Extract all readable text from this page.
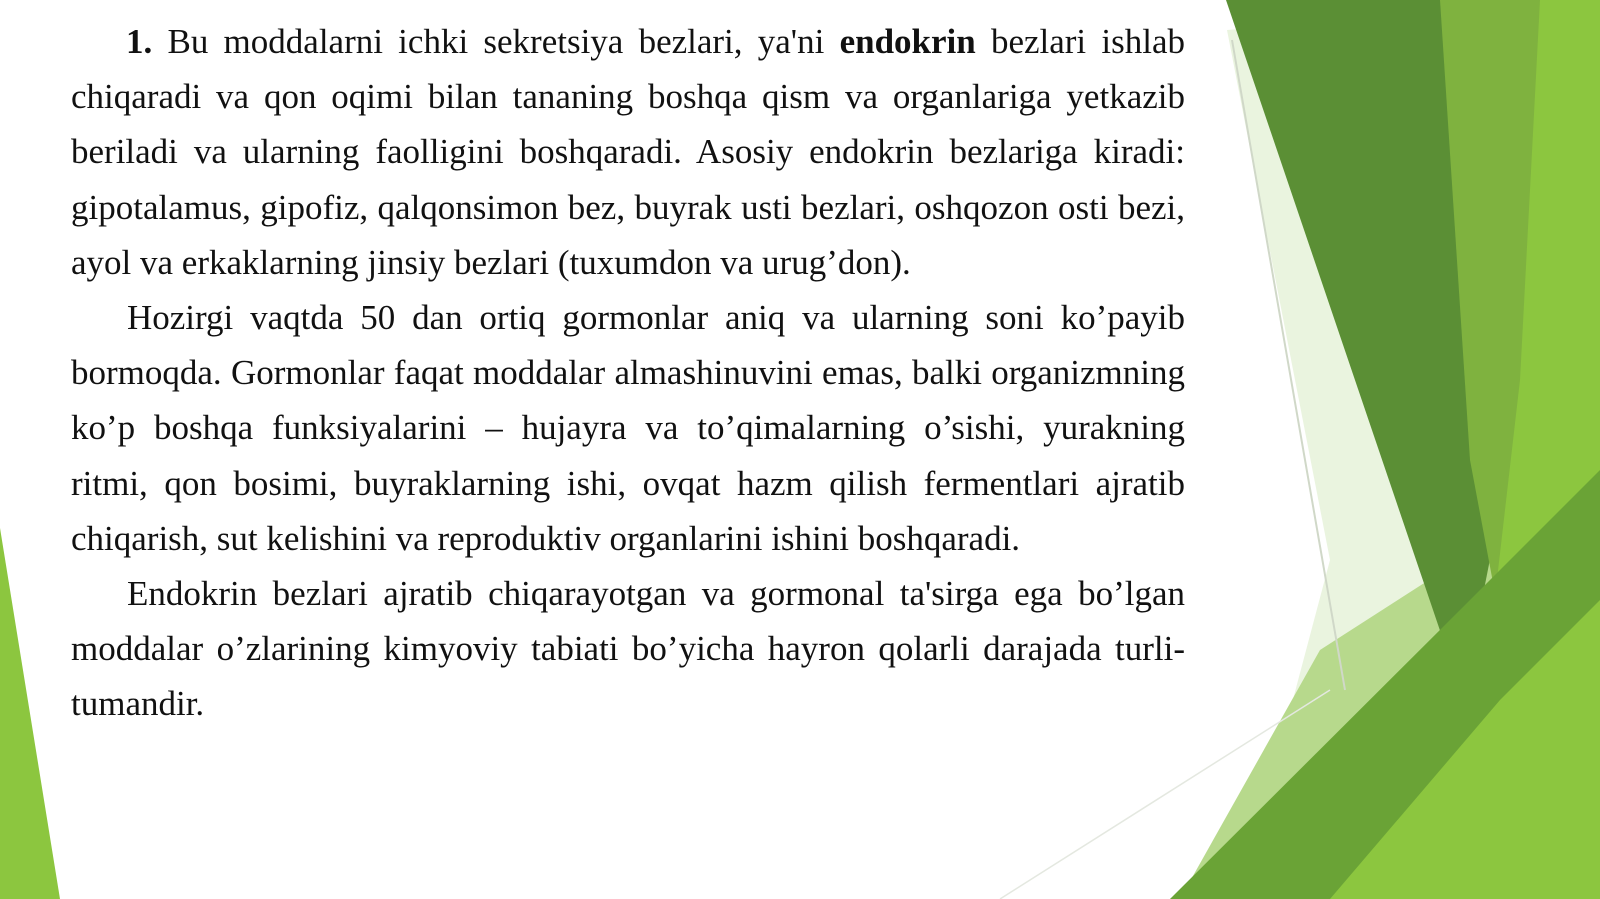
1. Bu moddalarni ichki sekretsiya bezlari, ya'ni endokrin bezlari ishlab chiqaradi va qon oqimi bilan tananing boshqa qism va organlariga yetkazib beriladi va ularning faolligini boshqaradi. Asosiy endokrin bezlariga kiradi: gipotalamus, gipofiz, qalqonsimon bez, buyrak usti bezlari, oshqozon osti bezi, ayol va erkaklarning jinsiy bezlari (tuxumdon va urug’don).

Hozirgi vaqtda 50 dan ortiq gormonlar aniq va ularning soni ko’payib bormoqda. Gormonlar faqat moddalar almashinuvini emas, balki organizmning ko’p boshqa funksiyalarini – hujayra va to’qimalarning o’sishi, yurakning ritmi, qon bosimi, buyraklarning ishi, ovqat hazm qilish fermentlari ajratib chiqarish, sut kelishini va reproduktiv organlarini ishini boshqaradi.

Endokrin bezlari ajratib chiqarayotgan va gormonal ta'sirga ega bo’lgan moddalar o’zlarining kimyoviy tabiati bo’yicha hayron qolarli darajada turli-tumandir.
